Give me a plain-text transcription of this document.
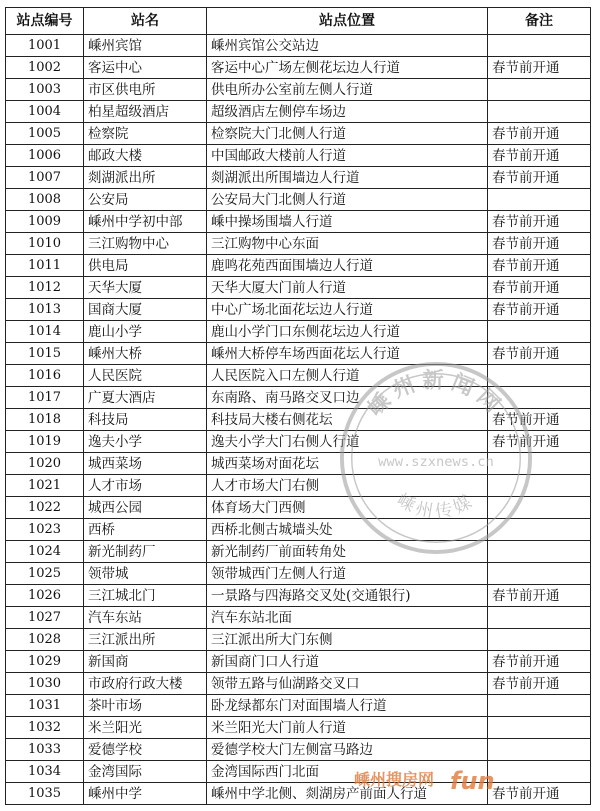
站点编号	站名	站点位置	备注
1001	嵊州宾馆	嵊州宾馆公交站边	
1002	客运中心	客运中心广场左侧花坛边人行道	春节前开通
1003	市区供电所	供电所办公室前左侧人行道	
1004	柏星超级酒店	超级酒店左侧停车场边	
1005	检察院	检察院大门北侧人行道	春节前开通
1006	邮政大楼	中国邮政大楼前人行道	春节前开通
1007	剡湖派出所	剡湖派出所围墙边人行道	春节前开通
1008	公安局	公安局大门北侧人行道	
1009	嵊州中学初中部	嵊中操场围墙人行道	春节前开通
1010	三江购物中心	三江购物中心东面	春节前开通
1011	供电局	鹿鸣花苑西面围墙边人行道	春节前开通
1012	天华大厦	天华大厦大门前人行道	春节前开通
1013	国商大厦	中心广场北面花坛边人行道	春节前开通
1014	鹿山小学	鹿山小学门口东侧花坛边人行道	
1015	嵊州大桥	嵊州大桥停车场西面花坛人行道	春节前开通
1016	人民医院	人民医院入口左侧人行道	
1017	广夏大酒店	东南路、南马路交叉口边	
1018	科技局	科技局大楼右侧花坛	春节前开通
1019	逸夫小学	逸夫小学大门右侧人行道	春节前开通
1020	城西菜场	城西菜场对面花坛	
1021	人才市场	人才市场大门右侧	
1022	城西公园	体育场大门西侧	
1023	西桥	西桥北侧古城墙头处	
1024	新光制药厂	新光制药厂前面转角处	
1025	领带城	领带城西门左侧人行道	
1026	三江城北门	一景路与四海路交叉处(交通银行)	春节前开通
1027	汽车东站	汽车东站北面	
1028	三江派出所	三江派出所大门东侧	
1029	新国商	新国商门口人行道	春节前开通
1030	市政府行政大楼	领带五路与仙湖路交叉口	春节前开通
1031	茶叶市场	卧龙绿都东门对面围墙人行道	
1032	米兰阳光	米兰阳光大门前人行道	
1033	爱德学校	爱德学校大门左侧富马路边	
1034	金湾国际	金湾国际西门北面	
1035	嵊州中学	嵊州中学北侧、剡湖房产前面人行道	春节前开通
嵊州新闻网
www.szxnews.cn
嵊州传媒
嵊州搜房网 fun
